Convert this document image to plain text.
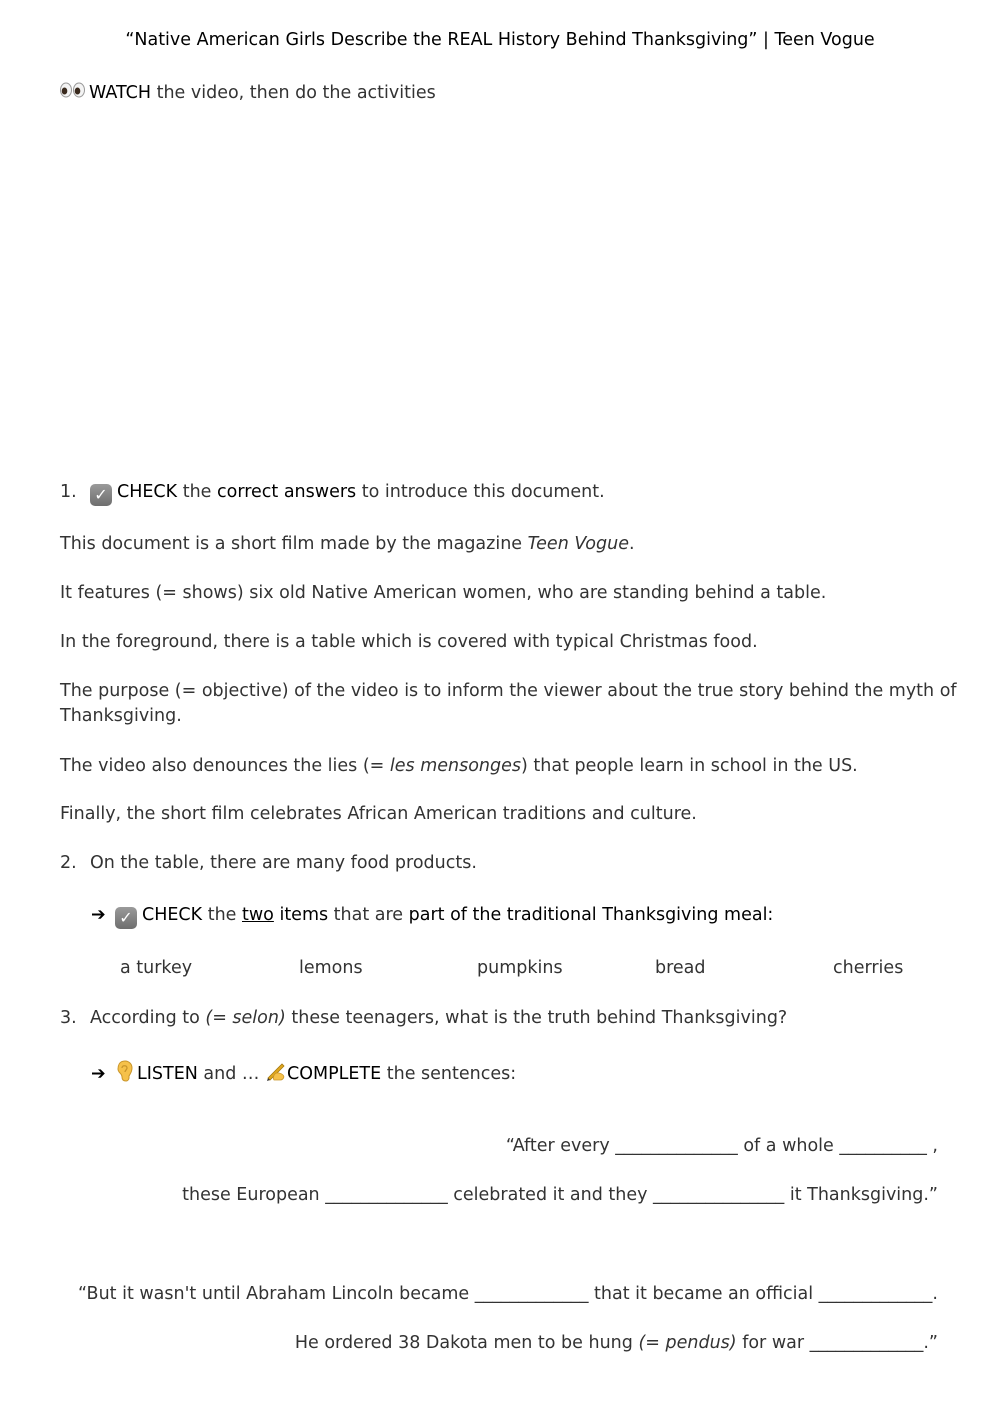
“Native American Girls Describe the REAL History Behind Thanksgiving” | Teen Vogue
WATCH the video, then do the activities
1. ✓ CHECK the correct answers to introduce this document.
This document is a short film made by the magazine Teen Vogue.
It features (= shows) six old Native American women, who are standing behind a table.
In the foreground, there is a table which is covered with typical Christmas food.
The purpose (= objective) of the video is to inform the viewer about the true story behind the myth of
Thanksgiving.
The video also denounces the lies (= les mensonges) that people learn in school in the US.
Finally, the short film celebrates African American traditions and culture.
2. On the table, there are many food products.
➔ ✓ CHECK the two items that are part of the traditional Thanksgiving meal:
a turkey	lemons	pumpkins	bread	cherries
3. According to (= selon) these teenagers, what is the truth behind Thanksgiving?
➔ LISTEN and … COMPLETE the sentences:
“After every ______________ of a whole __________ ,
these European ______________ celebrated it and they _______________ it Thanksgiving.”
“But it wasn't until Abraham Lincoln became _____________ that it became an official _____________.
He ordered 38 Dakota men to be hung (= pendus) for war _____________.”
